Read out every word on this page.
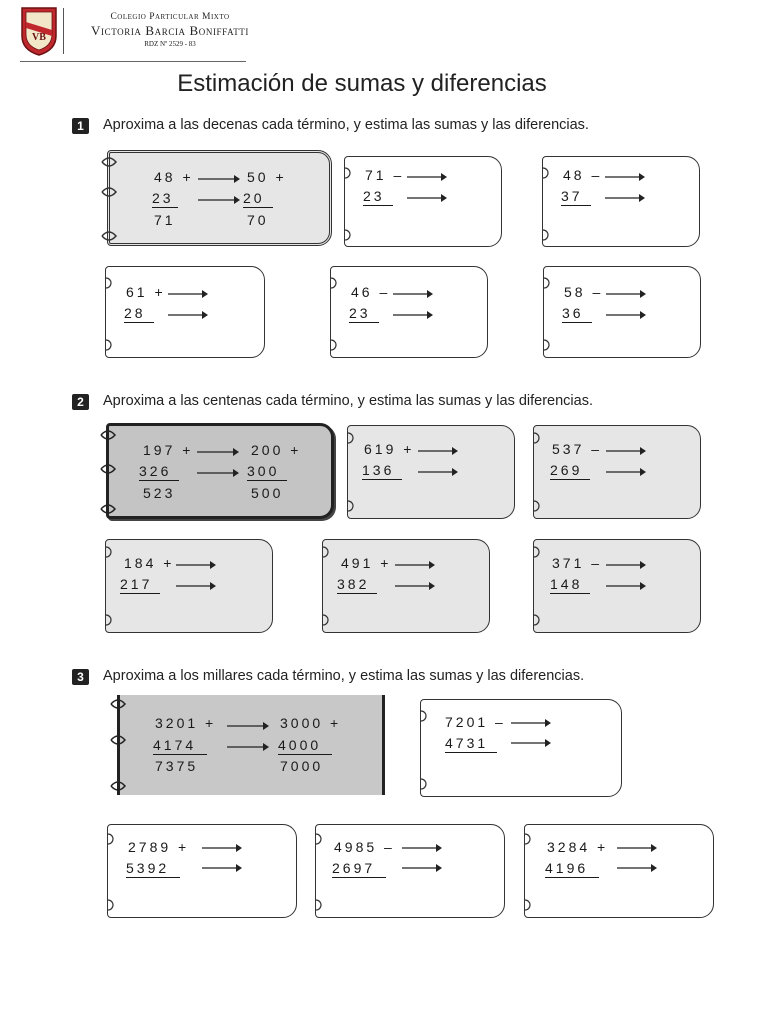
VB
Colegio Particular Mixto
Victoria Barcia Boniffatti
RDZ Nº 2529 - 83
Estimación de sumas y diferencias
1	Aproxima a las decenas cada término, y estima las sumas y las diferencias.
48 +
23
71
50 +
20
70
71 –
23
48 –
37
61 +
28
46 –
23
58 –
36
2	Aproxima a las centenas cada término, y estima las sumas y las diferencias.
197 +
326
523
200 +
300
500
619 +
136
537 –
269
184 +
217
491 +
382
371 –
148
3	Aproxima a los millares cada término, y estima las sumas y las diferencias.
3201 +
4174
7375
3000 +
4000
7000
7201 –
4731
2789 +
5392
4985 –
2697
3284 +
4196
